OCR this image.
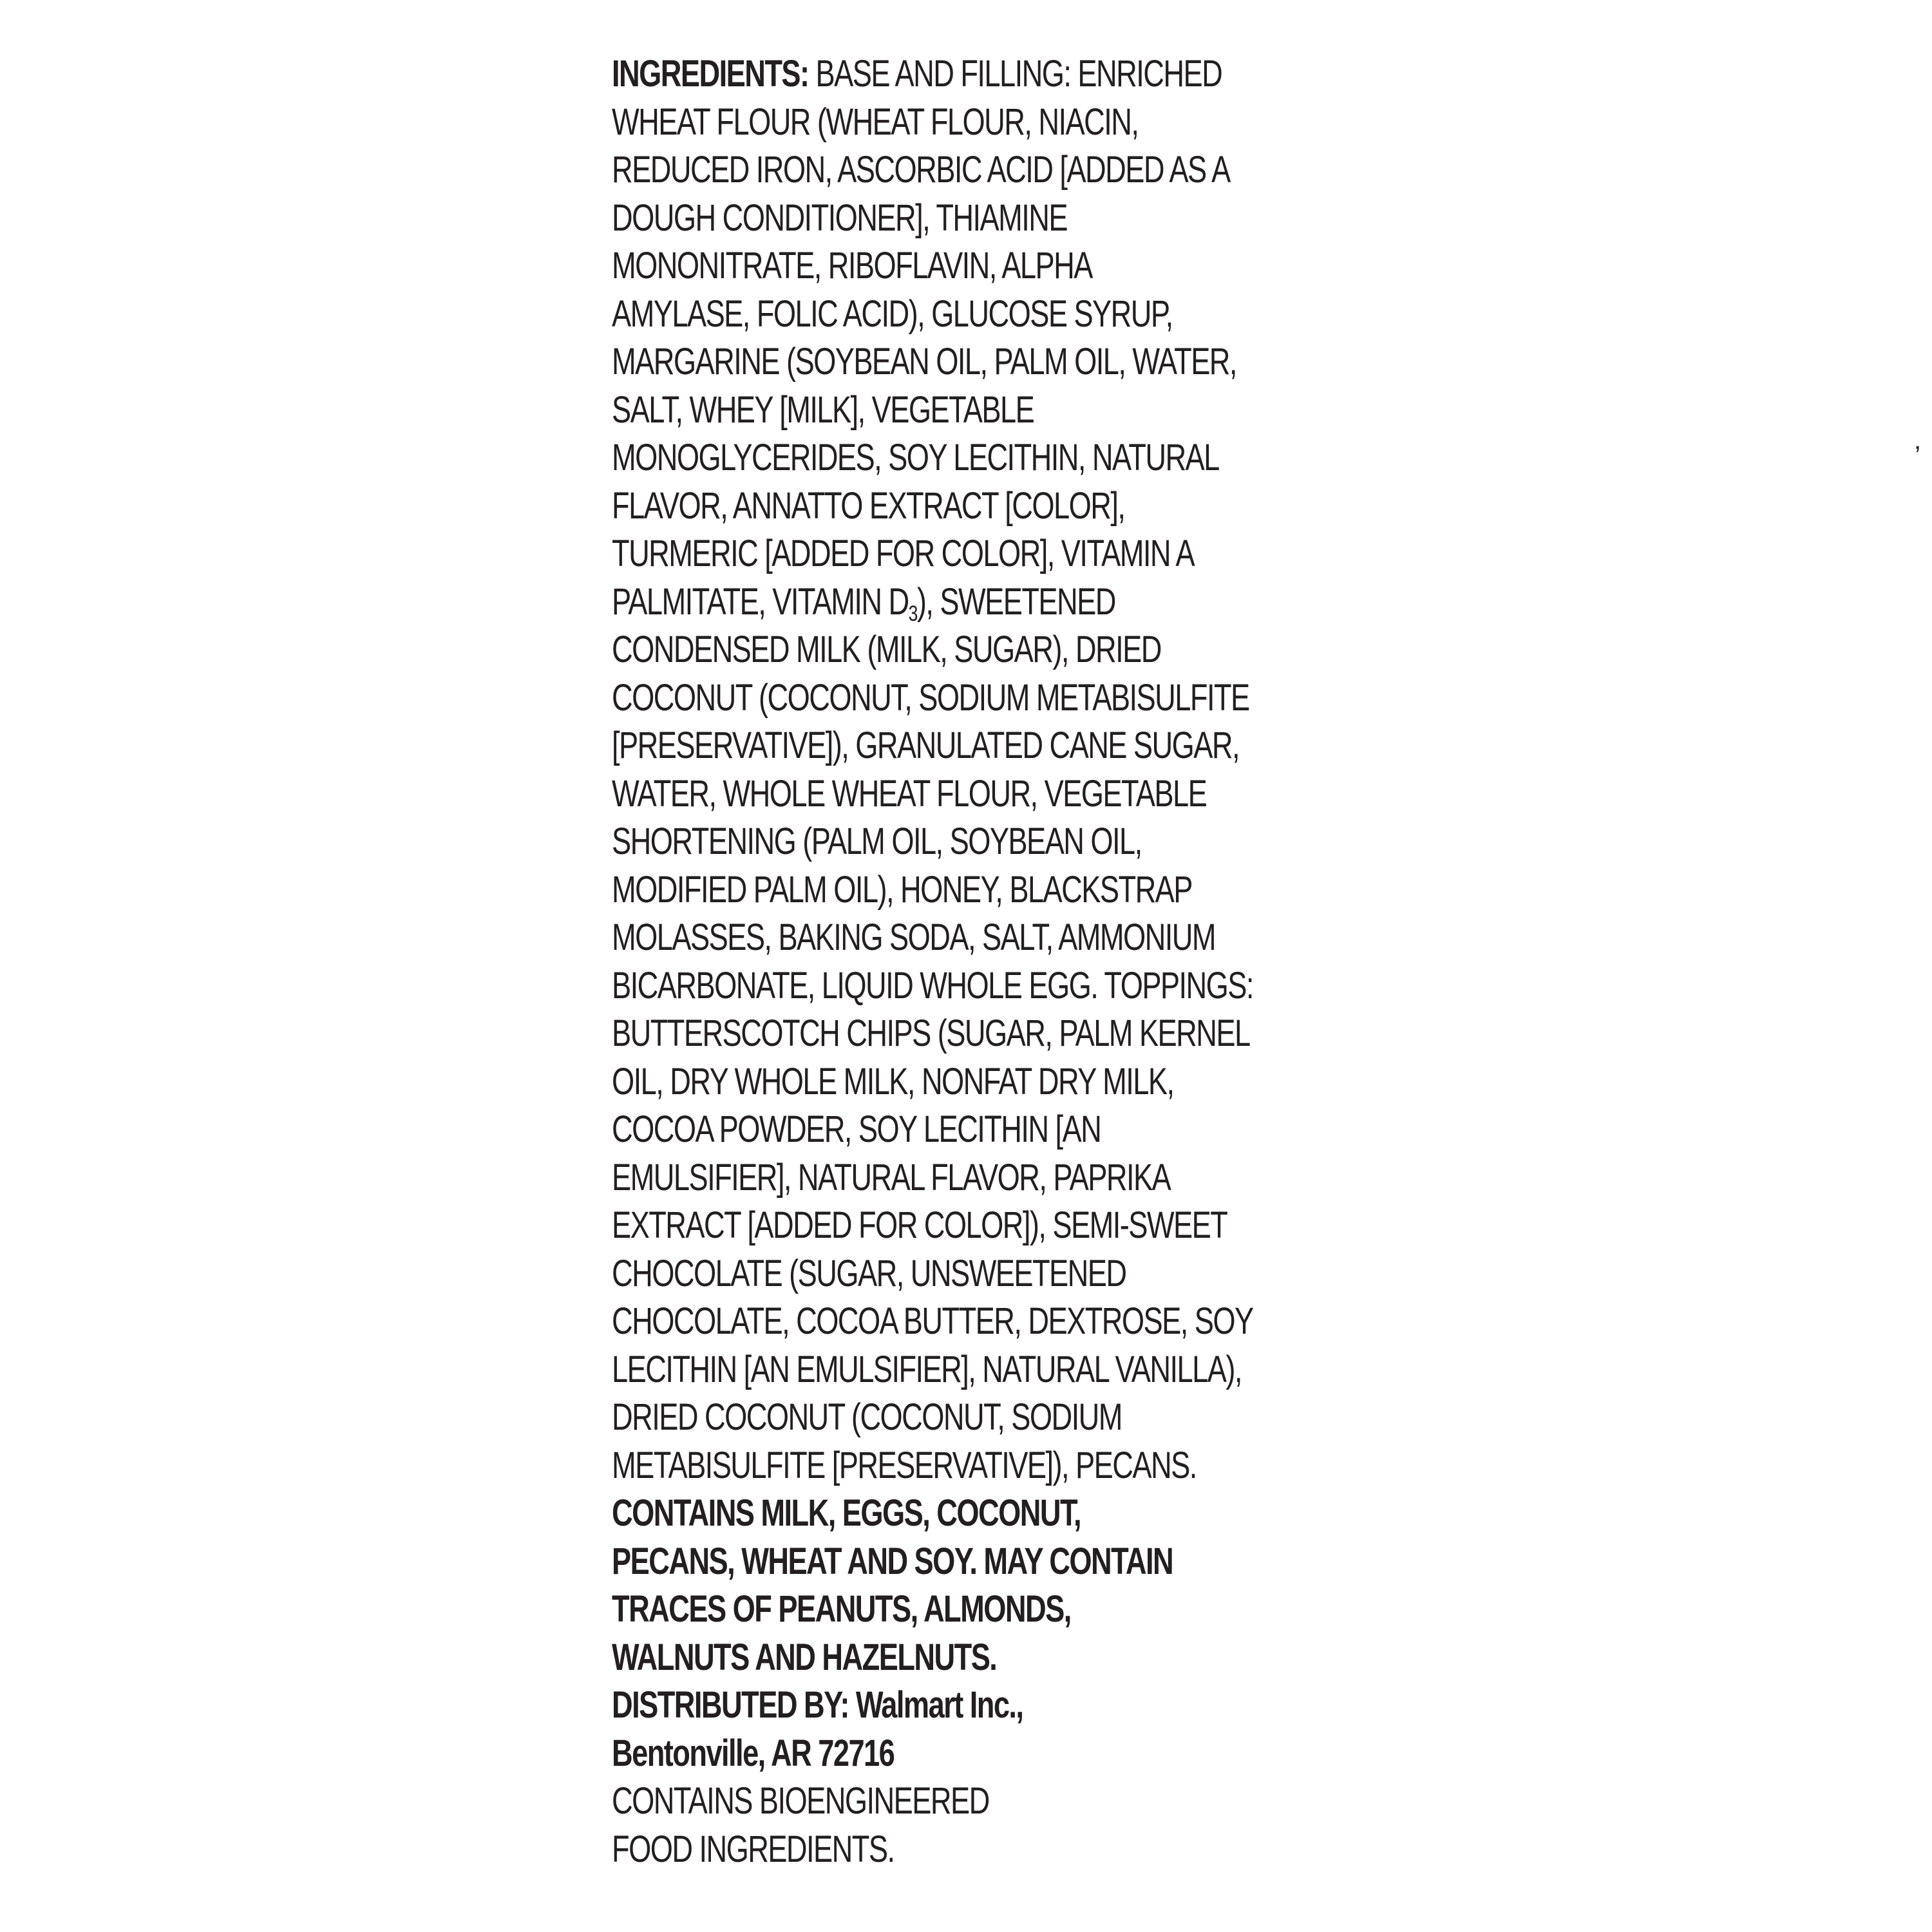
INGREDIENTS: BASE AND FILLING: ENRICHED
WHEAT FLOUR (WHEAT FLOUR, NIACIN,
REDUCED IRON, ASCORBIC ACID [ADDED AS A
DOUGH CONDITIONER], THIAMINE
MONONITRATE, RIBOFLAVIN, ALPHA
AMYLASE, FOLIC ACID), GLUCOSE SYRUP,
MARGARINE (SOYBEAN OIL, PALM OIL, WATER,
SALT, WHEY [MILK], VEGETABLE
MONOGLYCERIDES, SOY LECITHIN, NATURAL
FLAVOR, ANNATTO EXTRACT [COLOR],
TURMERIC [ADDED FOR COLOR], VITAMIN A
PALMITATE, VITAMIN $D_3$), SWEETENED
CONDENSED MILK (MILK, SUGAR), DRIED
COCONUT (COCONUT, SODIUM METABISULFITE
[PRESERVATIVE]), GRANULATED CANE SUGAR,
WATER, WHOLE WHEAT FLOUR, VEGETABLE
SHORTENING (PALM OIL, SOYBEAN OIL,
MODIFIED PALM OIL), HONEY, BLACKSTRAP
MOLASSES, BAKING SODA, SALT, AMMONIUM
BICARBONATE, LIQUID WHOLE EGG. TOPPINGS:
BUTTERSCOTCH CHIPS (SUGAR, PALM KERNEL
OIL, DRY WHOLE MILK, NONFAT DRY MILK,
COCOA POWDER, SOY LECITHIN [AN
EMULSIFIER], NATURAL FLAVOR, PAPRIKA
EXTRACT [ADDED FOR COLOR]), SEMI-SWEET
CHOCOLATE (SUGAR, UNSWEETENED
CHOCOLATE, COCOA BUTTER, DEXTROSE, SOY
LECITHIN [AN EMULSIFIER], NATURAL VANILLA),
DRIED COCONUT (COCONUT, SODIUM
METABISULFITE [PRESERVATIVE]), PECANS.
CONTAINS MILK, EGGS, COCONUT,
PECANS, WHEAT AND SOY. MAY CONTAIN
TRACES OF PEANUTS, ALMONDS,
WALNUTS AND HAZELNUTS.
DISTRIBUTED BY: Walmart Inc.,
Bentonville, AR 72716
CONTAINS BIOENGINEERED
FOOD INGREDIENTS.
,
